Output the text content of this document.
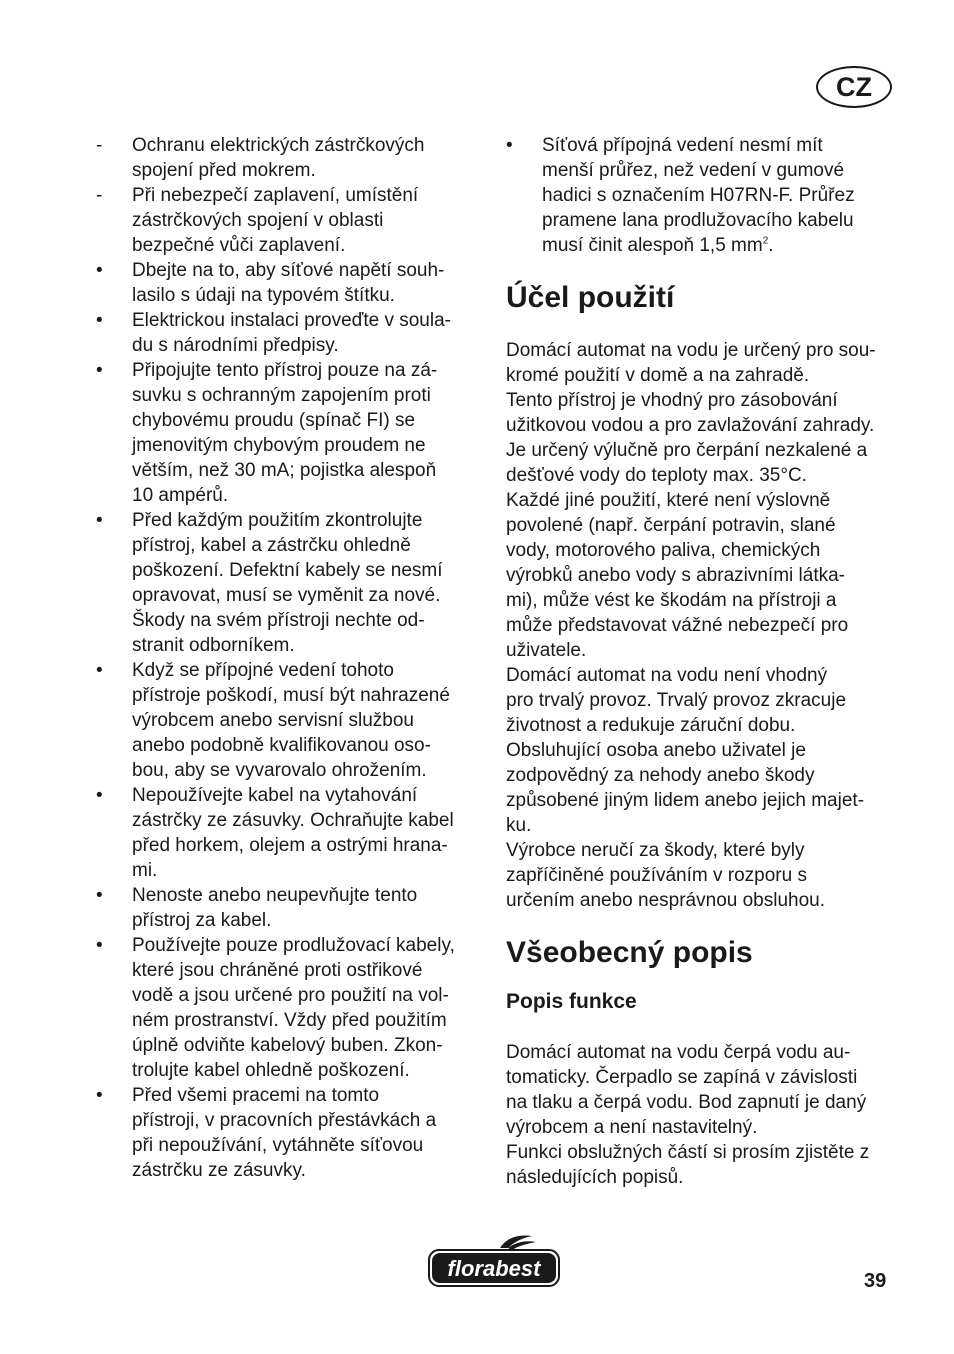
CZ
-	Ochranu elektrických zástrčkových
spojení před mokrem.
-	Při nebezpečí zaplavení, umístění
zástrčkových spojení v oblasti
bezpečné vůči zaplavení.
•	Dbejte na to, aby síťové napětí souh-
lasilo s údaji na typovém štítku.
•	Elektrickou instalaci proveďte v soula-
du s národními předpisy.
•	Připojujte tento přístroj pouze na zá-
suvku s ochranným zapojením proti
chybovému proudu (spínač FI) se
jmenovitým chybovým proudem ne
větším, než 30 mA; pojistka alespoň
10 ampérů.
•	Před každým použitím zkontrolujte
přístroj, kabel a zástrčku ohledně
poškození. Defektní kabely se nesmí
opravovat, musí se vyměnit za nové.
Škody na svém přístroji nechte od-
stranit odborníkem.
•	Když se přípojné vedení tohoto
přístroje poškodí, musí být nahrazené
výrobcem anebo servisní službou
anebo podobně kvalifikovanou oso-
bou, aby se vyvarovalo ohrožením.
•	Nepoužívejte kabel na vytahování
zástrčky ze zásuvky. Ochraňujte kabel
před horkem, olejem a ostrými hrana-
mi.
•	Nenoste anebo neupevňujte tento
přístroj za kabel.
•	Používejte pouze prodlužovací kabely,
které jsou chráněné proti ostřikové
vodě a jsou určené pro použití na vol-
ném prostranství. Vždy před použitím
úplně odviňte kabelový buben. Zkon-
trolujte kabel ohledně poškození.
•	Před všemi pracemi na tomto
přístroji, v pracovních přestávkách a
při nepoužívání, vytáhněte síťovou
zástrčku ze zásuvky.
•	Síťová přípojná vedení nesmí mít
menší průřez, než vedení v gumové
hadici s označením H07RN-F. Průřez
pramene lana prodlužovacího kabelu
musí činit alespoň 1,5 $mm^2$.
Účel použití

Domácí automat na vodu je určený pro sou-
kromé použití v domě a na zahradě.
Tento přístroj je vhodný pro zásobování
užitkovou vodou a pro zavlažování zahrady.
Je určený výlučně pro čerpání nezkalené a
dešťové vody do teploty max. 35°C.
Každé jiné použití, které není výslovně
povolené (např. čerpání potravin, slané
vody, motorového paliva, chemických
výrobků anebo vody s abrazivními látka-
mi), může vést ke škodám na přístroji a
může představovat vážné nebezpečí pro
uživatele.
Domácí automat na vodu není vhodný
pro trvalý provoz. Trvalý provoz zkracuje
životnost a redukuje záruční dobu.
Obsluhující osoba anebo uživatel je
zodpovědný za nehody anebo škody
způsobené jiným lidem anebo jejich majet-
ku.
Výrobce neručí za škody, které byly
zapříčiněné používáním v rozporu s
určením anebo nesprávnou obsluhou.

Všeobecný popis
Popis funkce

Domácí automat na vodu čerpá vodu au-
tomaticky. Čerpadlo se zapíná v závislosti
na tlaku a čerpá vodu. Bod zapnutí je daný
výrobcem a není nastavitelný.
Funkci obslužných částí si prosím zjistěte z
následujících popisů.

florabest	39
